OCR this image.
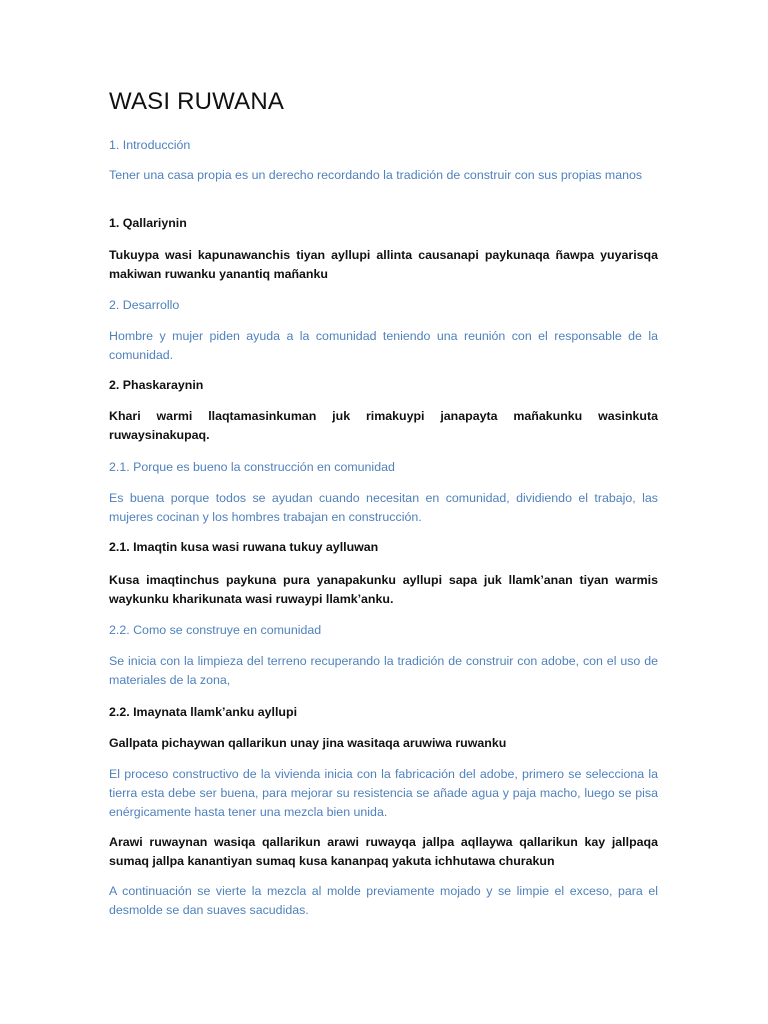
WASI RUWANA

1. Introducción

Tener una casa propia es un derecho recordando la tradición de construir con sus propias manos

1. Qallariynin

Tukuypa wasi kapunawanchis tiyan ayllupi allinta causanapi paykunaqa ñawpa yuyarisqa makiwan ruwanku yanantiq mañanku

2. Desarrollo

Hombre y mujer piden ayuda a la comunidad teniendo una reunión con el responsable de la comunidad.

2. Phaskaraynin

Khari warmi llaqtamasinkuman juk rimakuypi janapayta mañakunku wasinkuta ruwaysinakupaq.

2.1. Porque es bueno la construcción en comunidad

Es buena porque todos se ayudan cuando necesitan en comunidad, dividiendo el trabajo, las mujeres cocinan y los hombres trabajan en construcción.

2.1. Imaqtin kusa wasi ruwana tukuy aylluwan

Kusa imaqtinchus paykuna pura yanapakunku ayllupi sapa juk llamkʼanan tiyan warmis waykunku kharikunata wasi ruwaypi llamkʼanku.

2.2. Como se construye en comunidad

Se inicia con la limpieza del terreno recuperando la tradición de construir con adobe, con el uso de materiales de la zona,

2.2. Imaynata llamkʼanku ayllupi

Gallpata pichaywan qallarikun unay jina wasitaqa aruwiwa ruwanku

El proceso constructivo de la vivienda inicia con la fabricación del adobe, primero se selecciona la tierra esta debe ser buena, para mejorar su resistencia se añade agua y paja macho, luego se pisa enérgicamente hasta tener una mezcla bien unida.

Arawi ruwaynan wasiqa qallarikun arawi ruwayqa jallpa aqllaywa qallarikun kay jallpaqa sumaq jallpa kanantiyan sumaq kusa kananpaq yakuta ichhutawa churakun

A continuación se vierte la mezcla al molde previamente mojado y se limpie el exceso, para el desmolde se dan suaves sacudidas.
